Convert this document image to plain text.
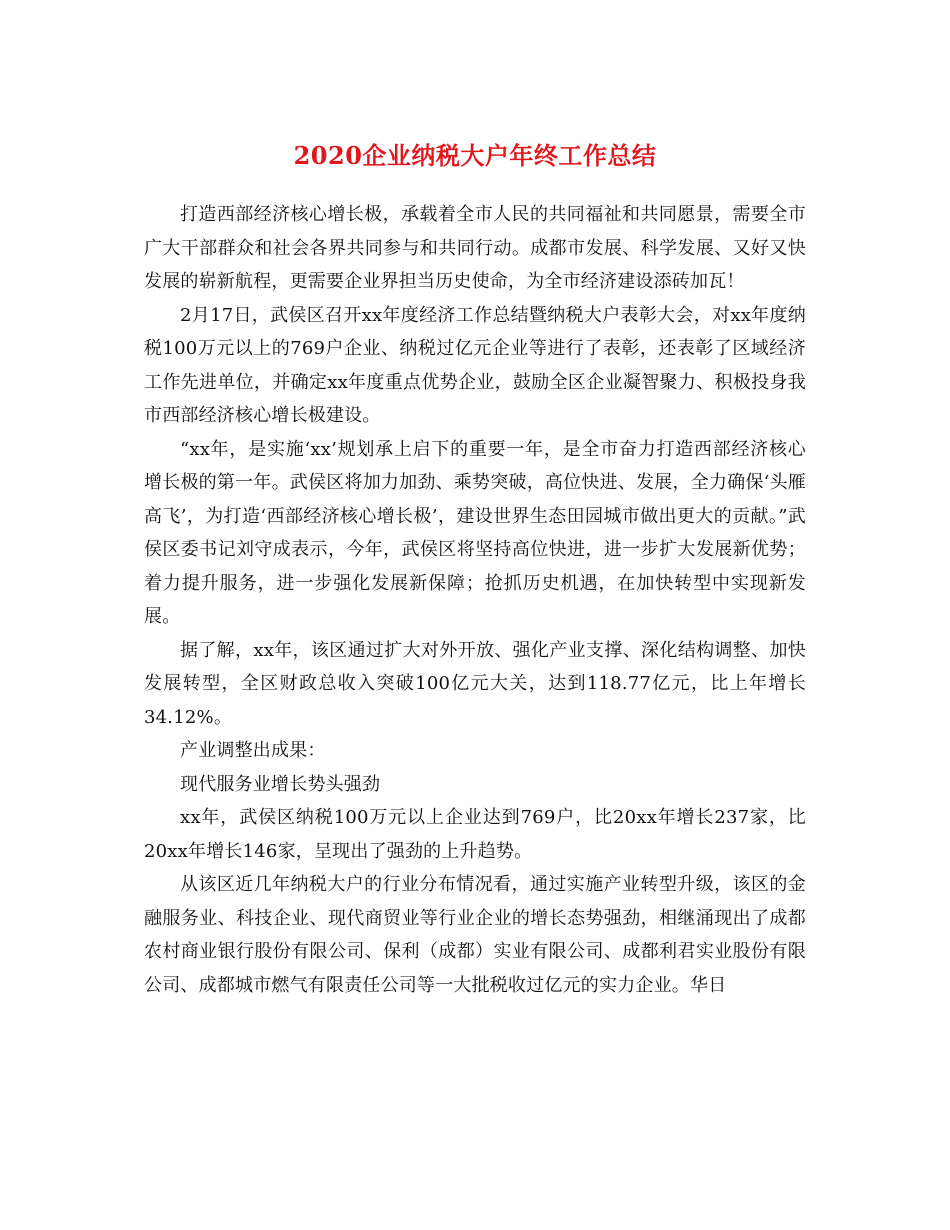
2020企业纳税大户年终工作总结

打造西部经济核心增长极，承载着全市人民的共同福祉和共同愿景，需要全市广大干部群众和社会各界共同参与和共同行动。成都市发展、科学发展、又好又快发展的崭新航程，更需要企业界担当历史使命，为全市经济建设添砖加瓦！

2月17日，武侯区召开xx年度经济工作总结暨纳税大户表彰大会，对xx年度纳税100万元以上的769户企业、纳税过亿元企业等进行了表彰，还表彰了区域经济工作先进单位，并确定xx年度重点优势企业，鼓励全区企业凝智聚力、积极投身我市西部经济核心增长极建设。

“xx年，是实施‘xx’规划承上启下的重要一年，是全市奋力打造西部经济核心增长极的第一年。武侯区将加力加劲、乘势突破，高位快进、发展，全力确保‘头雁高飞’，为打造‘西部经济核心增长极’，建设世界生态田园城市做出更大的贡献。”武侯区委书记刘守成表示，今年，武侯区将坚持高位快进，进一步扩大发展新优势；着力提升服务，进一步强化发展新保障；抢抓历史机遇，在加快转型中实现新发展。

据了解，xx年，该区通过扩大对外开放、强化产业支撑、深化结构调整、加快发展转型，全区财政总收入突破100亿元大关，达到118.77亿元，比上年增长34.12%。

产业调整出成果：

现代服务业增长势头强劲

xx年，武侯区纳税100万元以上企业达到769户，比20xx年增长237家，比20xx年增长146家，呈现出了强劲的上升趋势。

从该区近几年纳税大户的行业分布情况看，通过实施产业转型升级，该区的金融服务业、科技企业、现代商贸业等行业企业的增长态势强劲，相继涌现出了成都农村商业银行股份有限公司、保利（成都）实业有限公司、成都利君实业股份有限公司、成都城市燃气有限责任公司等一大批税收过亿元的实力企业。华日
